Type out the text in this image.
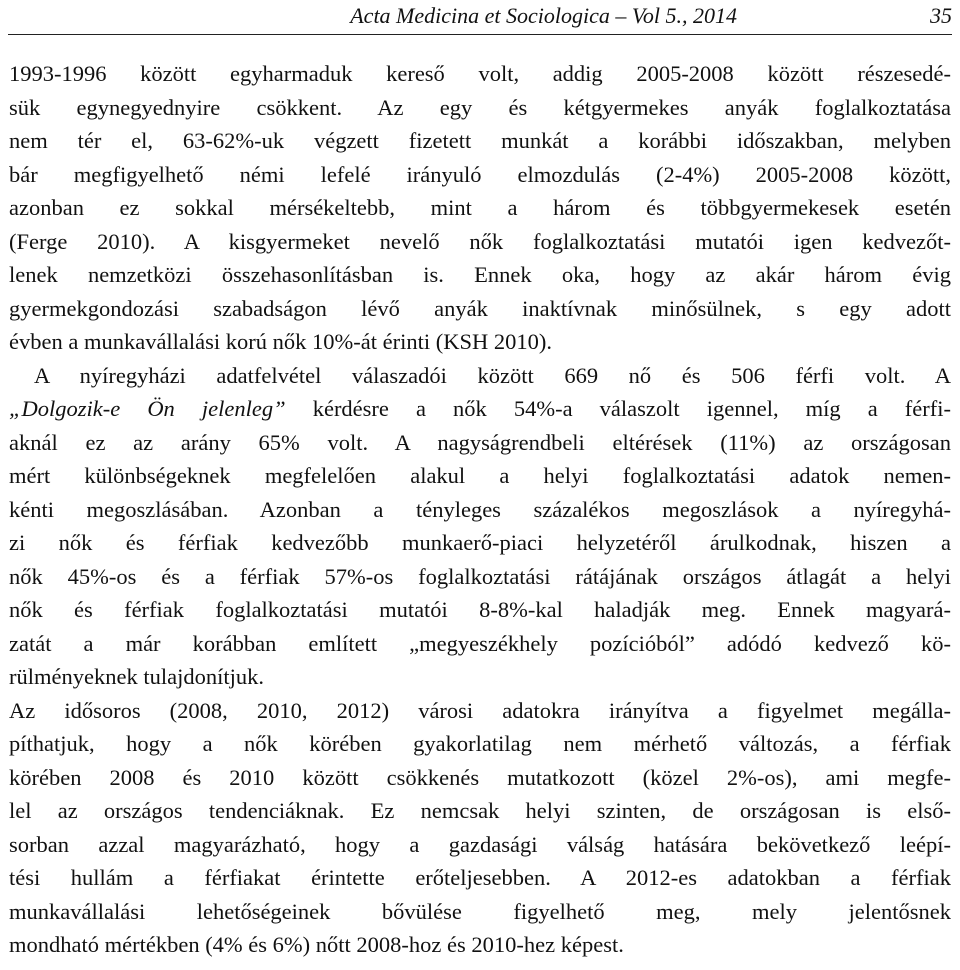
Acta Medicina et Sociologica – Vol 5., 2014	35
1993-1996 között egyharmaduk kereső volt, addig 2005-2008 között részesedé-
sük egynegyednyire csökkent. Az egy és kétgyermekes anyák foglalkoztatása
nem tér el, 63-62%-uk végzett fizetett munkát a korábbi időszakban, melyben
bár megfigyelhető némi lefelé irányuló elmozdulás (2-4%) 2005-2008 között,
azonban ez sokkal mérsékeltebb, mint a három és többgyermekesek esetén
(Ferge 2010). A kisgyermeket nevelő nők foglalkoztatási mutatói igen kedvezőt-
lenek nemzetközi összehasonlításban is. Ennek oka, hogy az akár három évig
gyermekgondozási szabadságon lévő anyák inaktívnak minősülnek, s egy adott
évben a munkavállalási korú nők 10%-át érinti (KSH 2010).
A nyíregyházi adatfelvétel válaszadói között 669 nő és 506 férfi volt. A
„Dolgozik-e Ön jelenleg” kérdésre a nők 54%-a válaszolt igennel, míg a férfi-
aknál ez az arány 65% volt. A nagyságrendbeli eltérések (11%) az országosan
mért különbségeknek megfelelően alakul a helyi foglalkoztatási adatok nemen-
kénti megoszlásában. Azonban a tényleges százalékos megoszlások a nyíregyhá-
zi nők és férfiak kedvezőbb munkaerő-piaci helyzetéről árulkodnak, hiszen a
nők 45%-os és a férfiak 57%-os foglalkoztatási rátájának országos átlagát a helyi
nők és férfiak foglalkoztatási mutatói 8-8%-kal haladják meg. Ennek magyará-
zatát a már korábban említett „megyeszékhely pozícióból” adódó kedvező kö-
rülményeknek tulajdonítjuk.
Az idősoros (2008, 2010, 2012) városi adatokra irányítva a figyelmet megálla-
píthatjuk, hogy a nők körében gyakorlatilag nem mérhető változás, a férfiak
körében 2008 és 2010 között csökkenés mutatkozott (közel 2%-os), ami megfe-
lel az országos tendenciáknak. Ez nemcsak helyi szinten, de országosan is első-
sorban azzal magyarázható, hogy a gazdasági válság hatására bekövetkező leépí-
tési hullám a férfiakat érintette erőteljesebben. A 2012-es adatokban a férfiak
munkavállalási lehetőségeinek bővülése figyelhető meg, mely jelentősnek
mondható mértékben (4% és 6%) nőtt 2008-hoz és 2010-hez képest.
